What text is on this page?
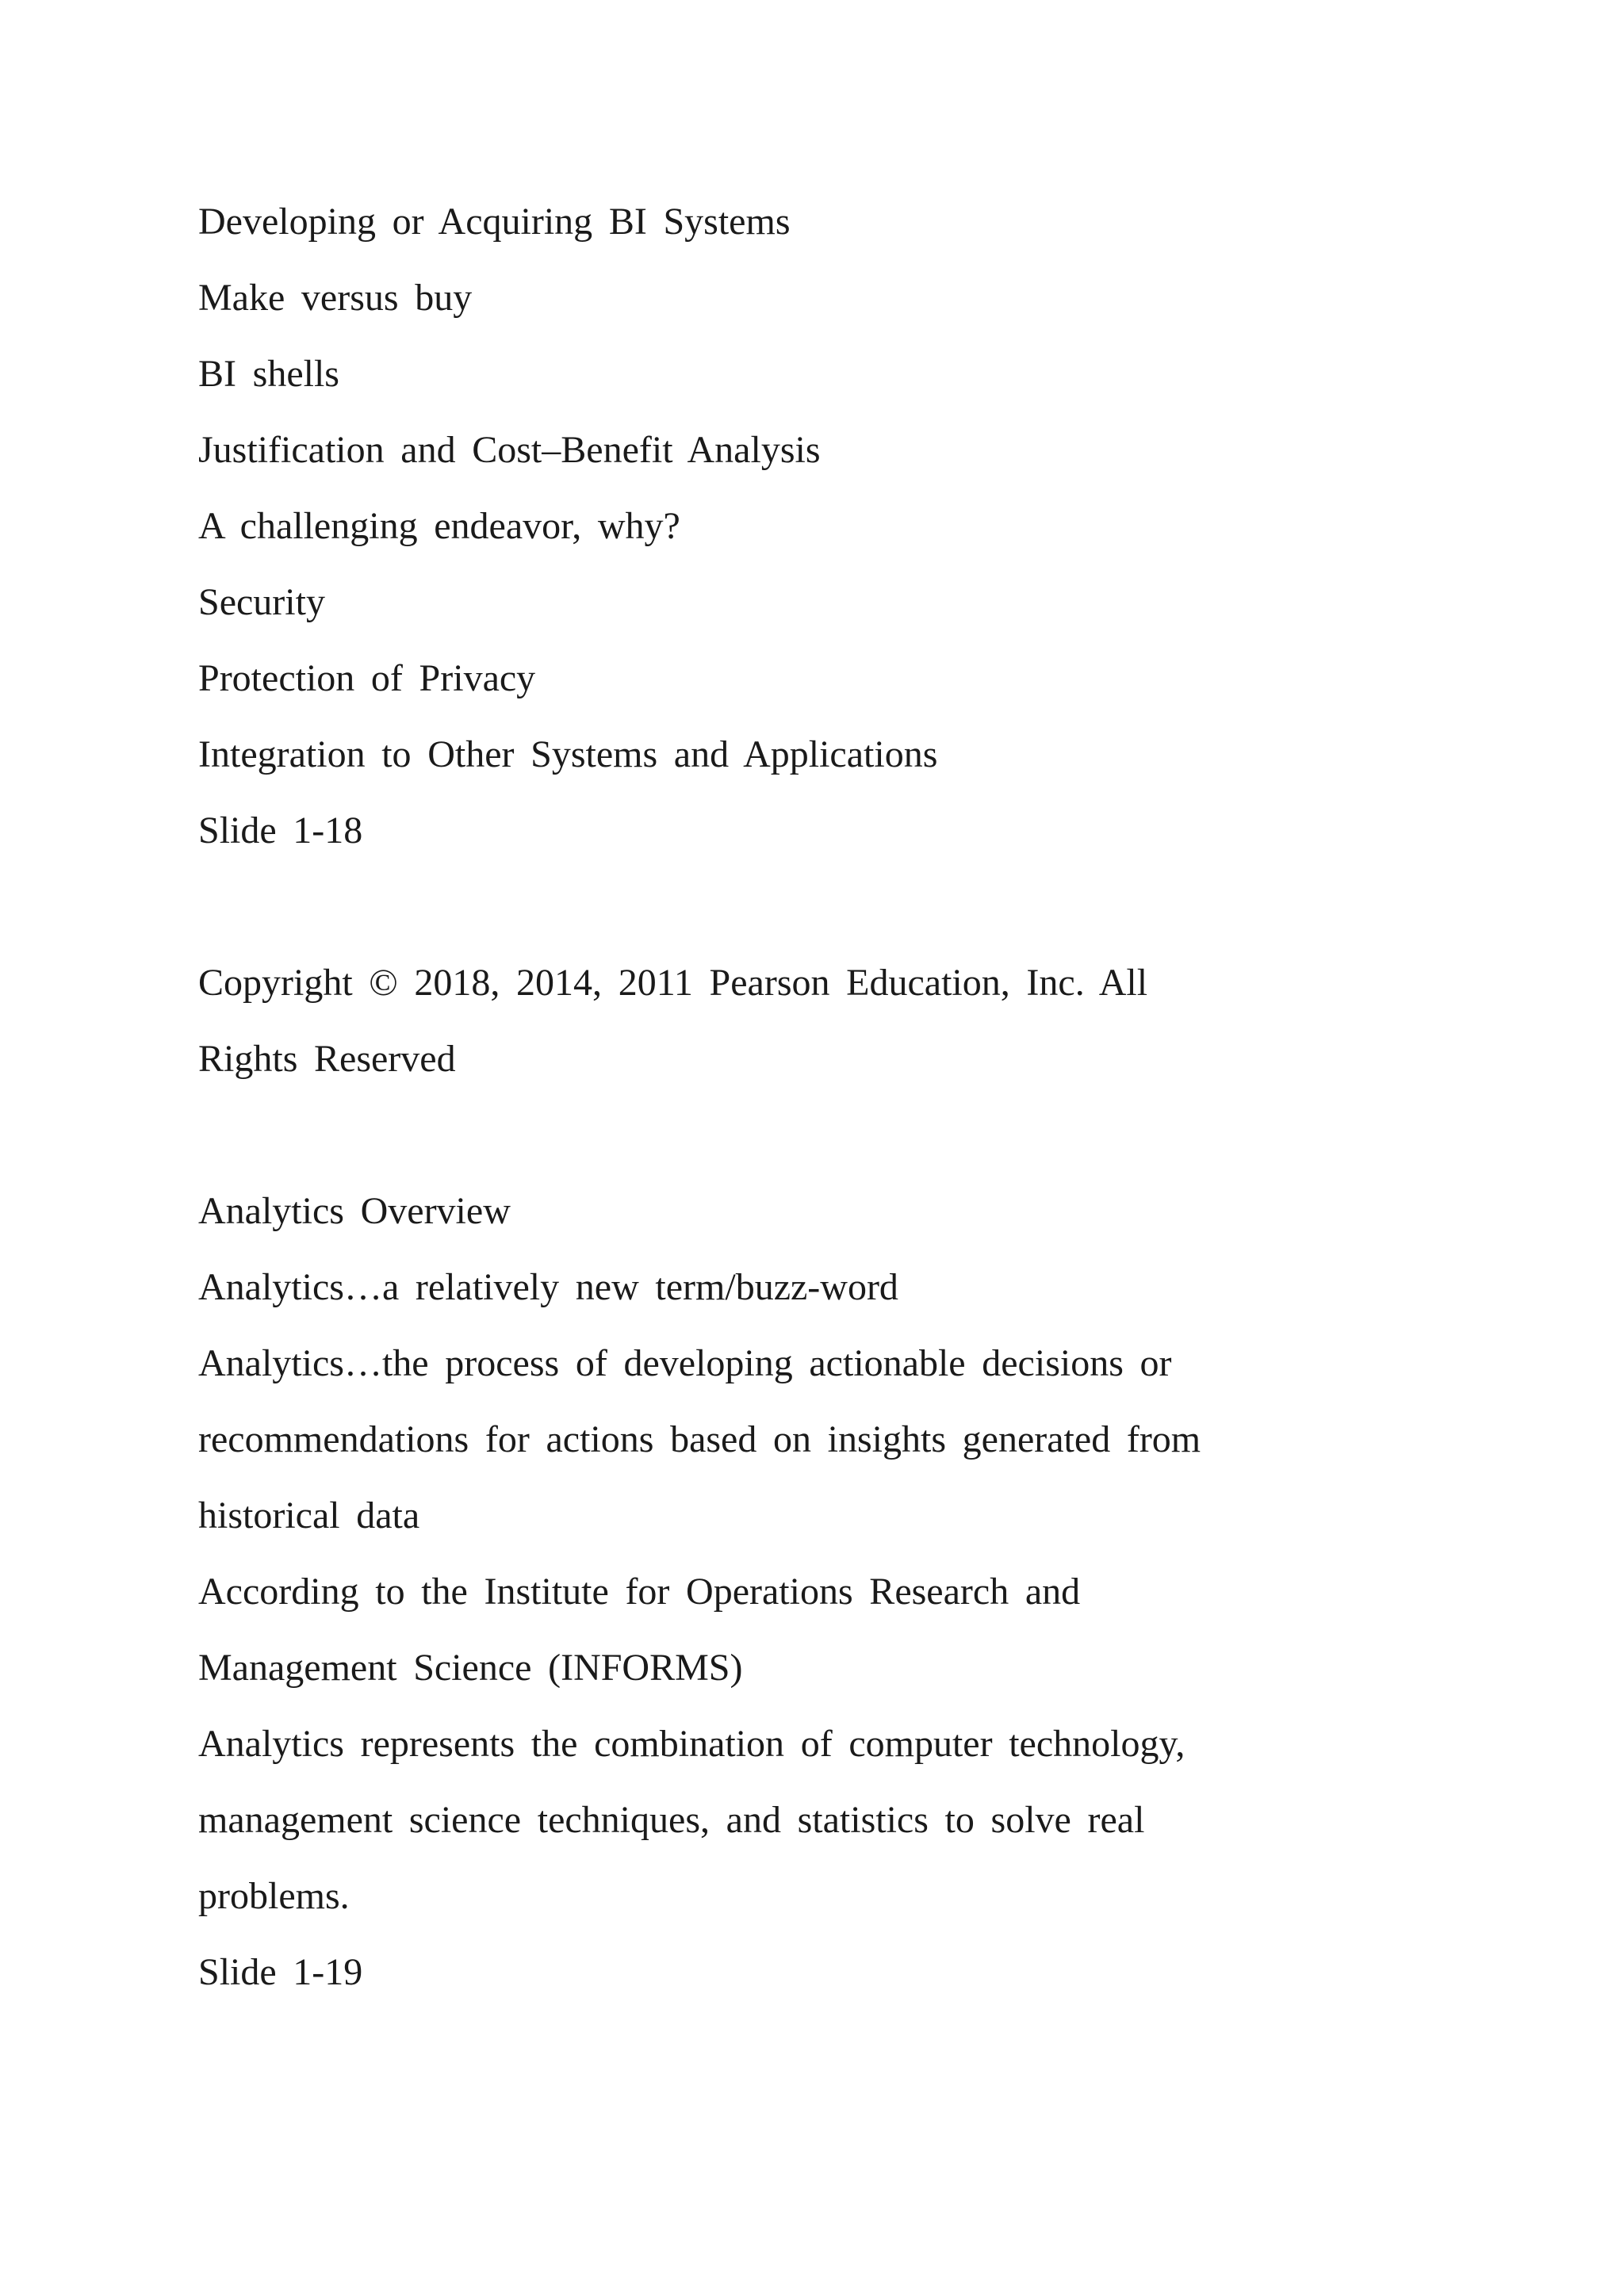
Developing or Acquiring BI Systems
Make versus buy
BI shells
Justification and Cost–Benefit Analysis
A challenging endeavor, why?
Security
Protection of Privacy
Integration to Other Systems and Applications
Slide 1-18
Copyright © 2018, 2014, 2011 Pearson Education, Inc. All
Rights Reserved
Analytics Overview
Analytics…a relatively new term/buzz-word
Analytics…the process of developing actionable decisions or
recommendations for actions based on insights generated from
historical data
According to the Institute for Operations Research and
Management Science (INFORMS)
Analytics represents the combination of computer technology,
management science techniques, and statistics to solve real
problems.
Slide 1-19
